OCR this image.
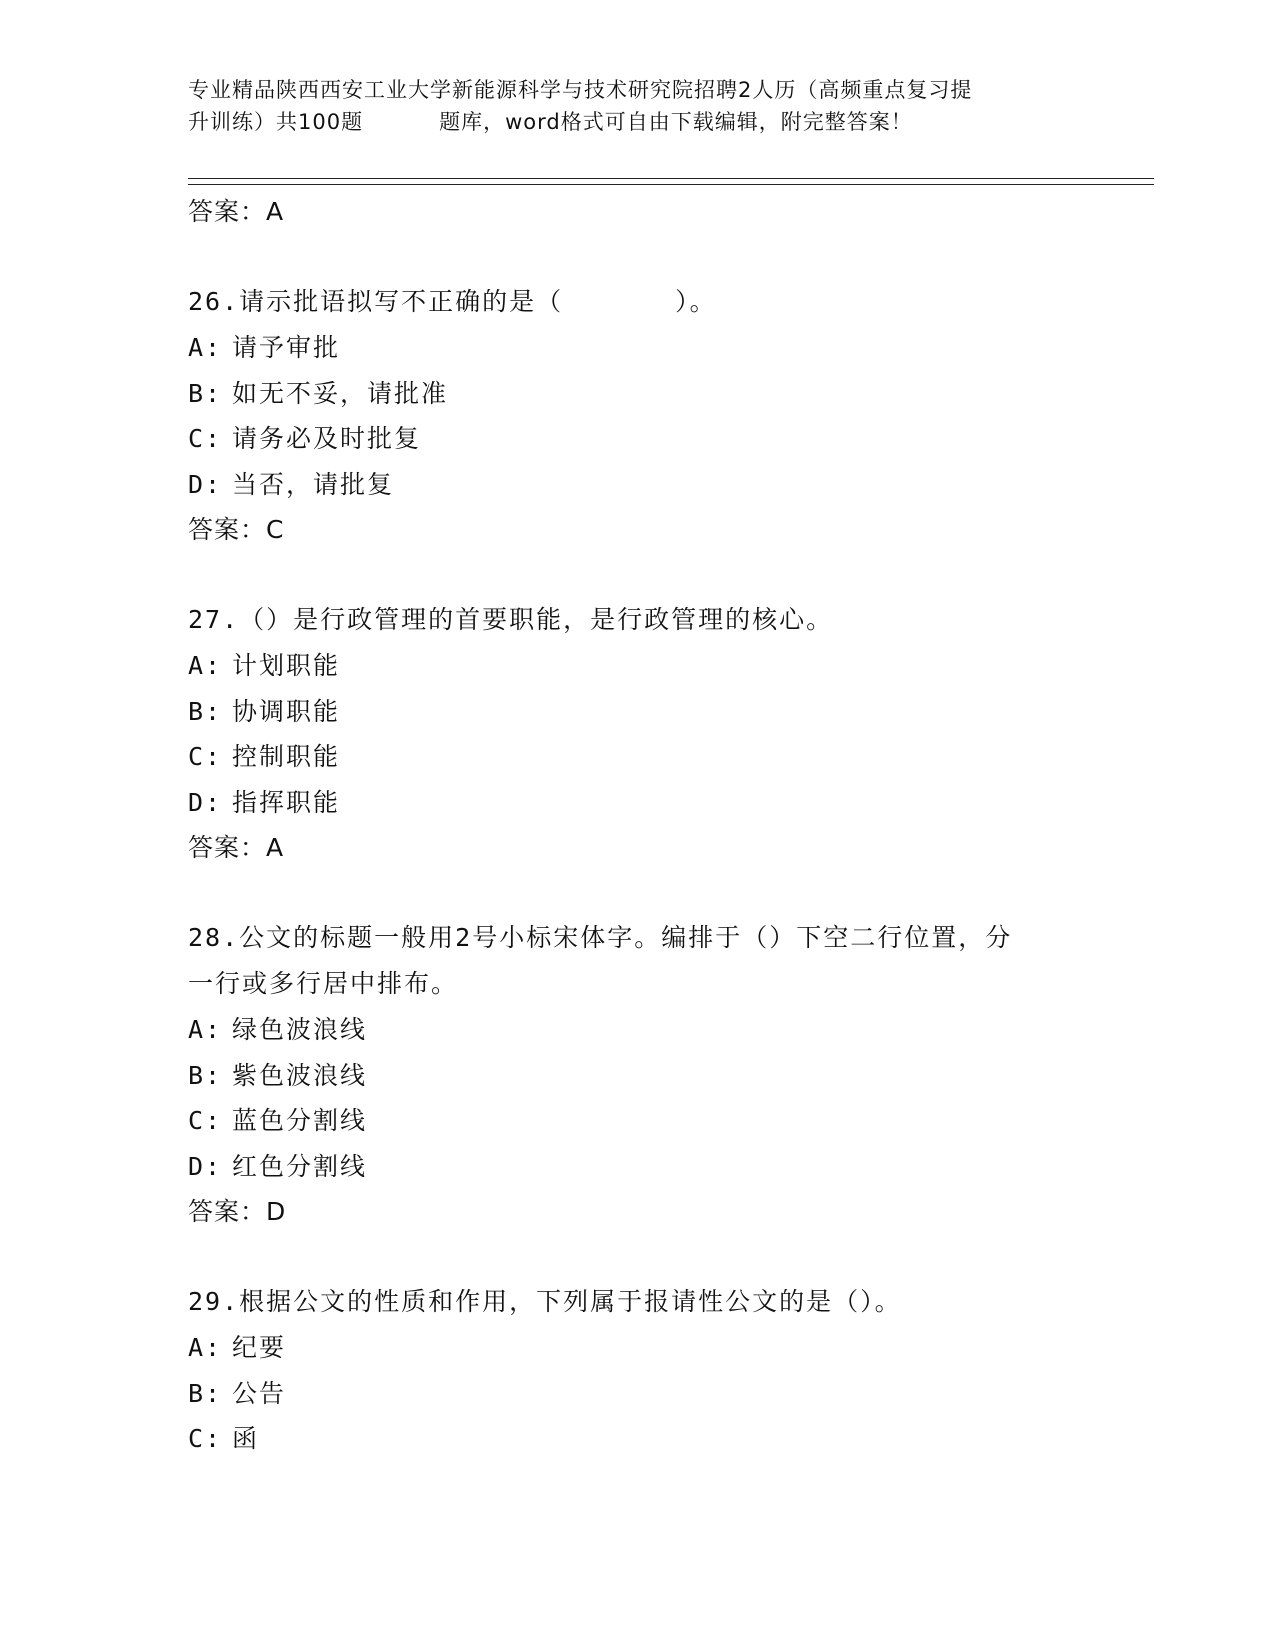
专业精品陕西西安工业大学新能源科学与技术研究院招聘2人历（高频重点复习提
升训练）共100题	题库，word格式可自由下载编辑，附完整答案！
答案：A
26.请示批语拟写不正确的是（	）。
A: 请予审批
B: 如无不妥，请批准
C: 请务必及时批复
D: 当否，请批复
答案：C
27.（）是行政管理的首要职能，是行政管理的核心。
A: 计划职能
B: 协调职能
C: 控制职能
D: 指挥职能
答案：A
28.公文的标题一般用2号小标宋体字。编排于（）下空二行位置，分
一行或多行居中排布。
A: 绿色波浪线
B: 紫色波浪线
C: 蓝色分割线
D: 红色分割线
答案：D
29.根据公文的性质和作用，下列属于报请性公文的是（）。
A: 纪要
B: 公告
C: 函
